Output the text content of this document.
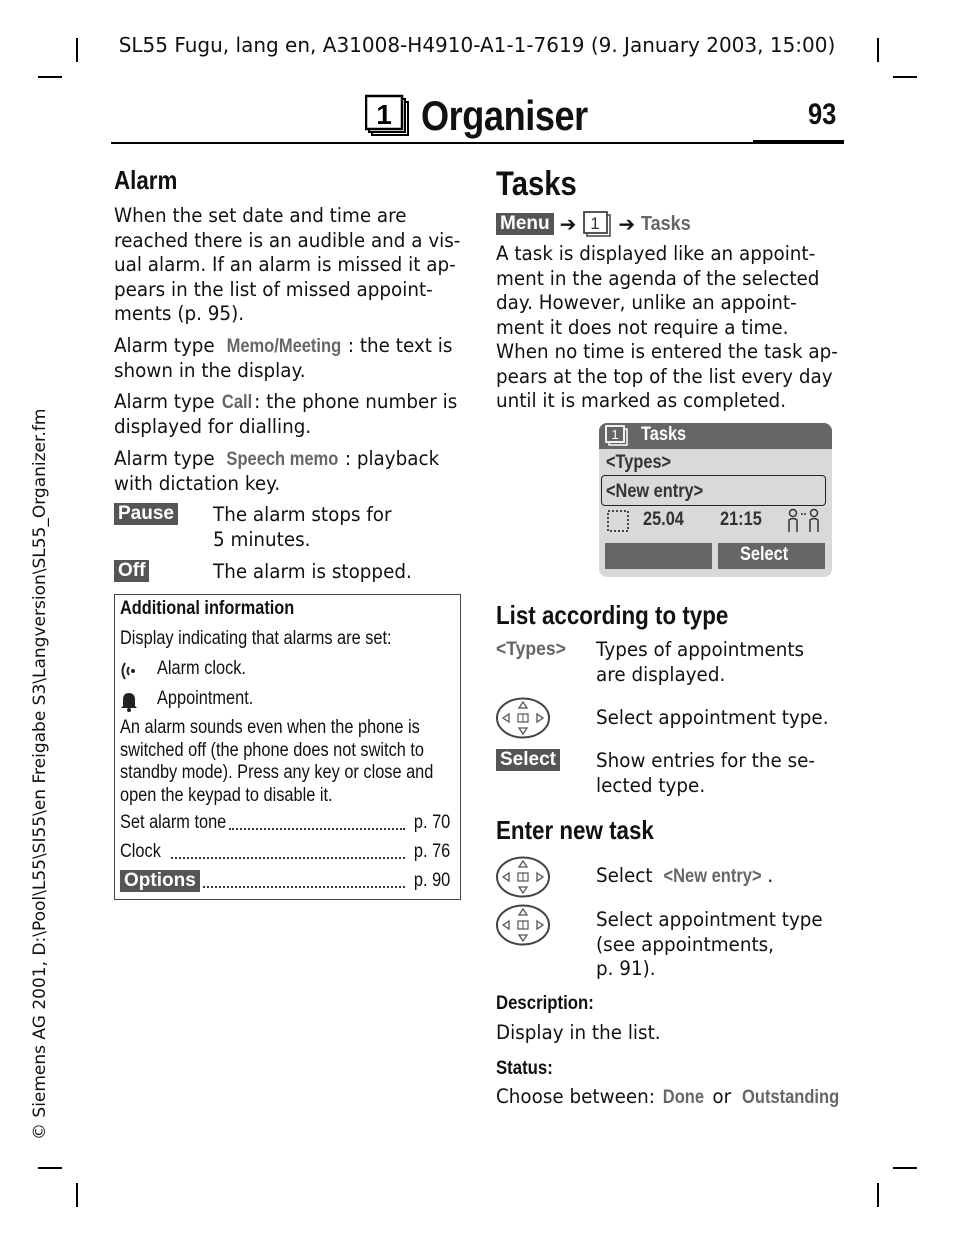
SL55 Fugu, lang en, A31008-H4910-A1-1-7619 (9. January 2003, 15:00)
© Siemens AG 2001, D:\Pool\L55\SI55\en Freigabe S3\Langversion\SL55_Organizer.fm
1 Organiser	93
Alarm
When the set date and time are
reached there is an audible and a vis-
ual alarm. If an alarm is missed it ap-
pears in the list of missed appoint-
ments (p. 95).
Alarm type Memo/Meeting : the text is
shown in the display.
Alarm type Call: the phone number is
displayed for dialling.
Alarm type Speech memo : playback
with dictation key.
Pause The alarm stops for
5 minutes.
Off	The alarm is stopped.
Additional information
Display indicating that alarms are set:
Alarm clock.
Appointment.
An alarm sounds even when the phone is
switched off (the phone does not switch to
standby mode). Press any key or close and
open the keypad to disable it.
Set alarm tone	p. 70
Clock	p. 76
Options	p. 90
Tasks
Menu ➔ 1 ➔ Tasks
A task is displayed like an appoint-
ment in the agenda of the selected
day. However, unlike an appoint-
ment it does not require a time.
When no time is entered the task ap-
pears at the top of the list every day
until it is marked as completed.
1 Tasks
<Types>
<New entry>
25.04 21:15
Select
List according to type
<Types> Types of appointments
are displayed.
Select appointment type.
Select Show entries for the se-
lected type.
Enter new task
Select <New entry> .
Select appointment type
(see appointments,
p. 91).
Description:
Display in the list.
Status:
Choose between: Done or Outstanding
